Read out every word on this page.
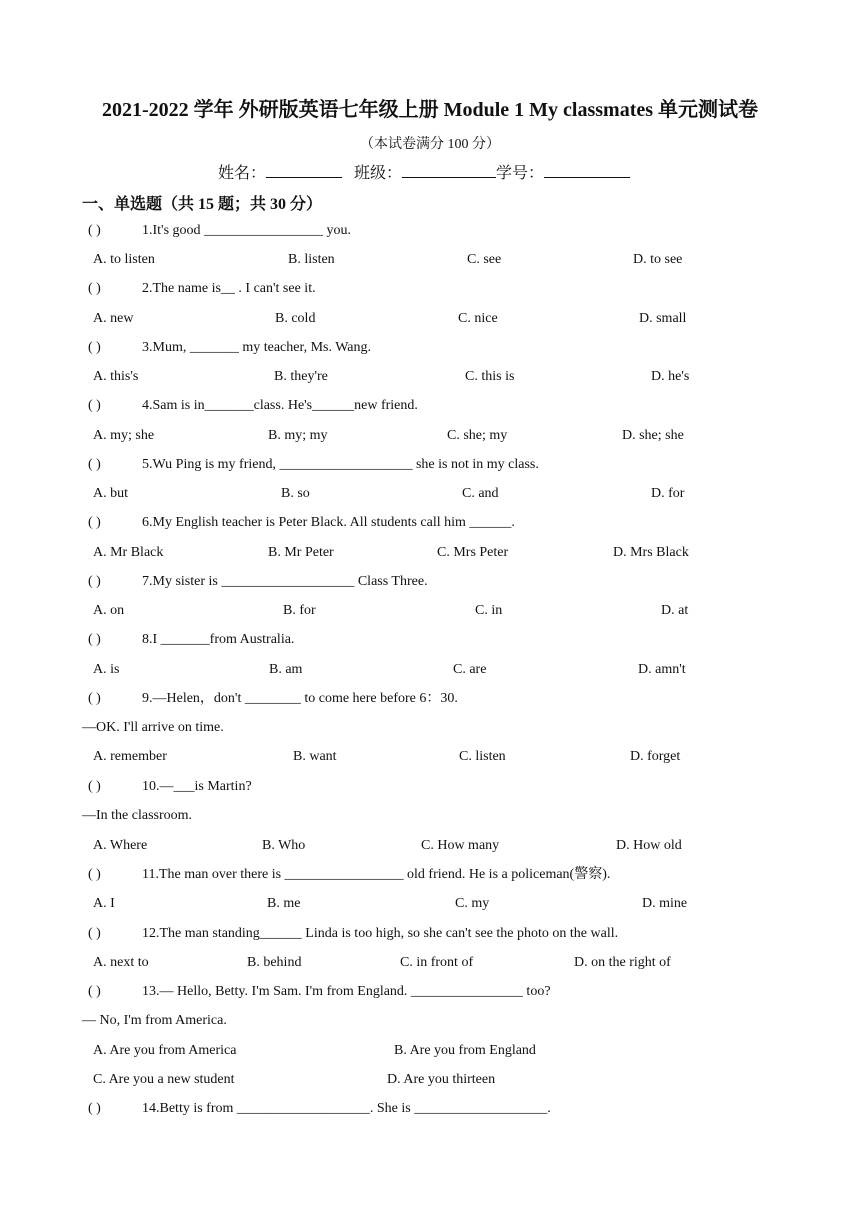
2021-2022 学年 外研版英语七年级上册 Module 1 My classmates 单元测试卷
（本试卷满分 100 分）
姓名：	班级：	学号：
一、单选题（共 15 题；共 30 分）
( )	1.It's good _________________ you.
A. to listen	B. listen	C. see	D. to see
( )	2.The name is__ . I can't see it.
A. new	B. cold	C. nice	D. small
( )	3.Mum, _______ my teacher, Ms. Wang.
A. this's	B. they're	C. this is	D. he's
( )	4.Sam is in_______class. He's______new friend.
A. my; she	B. my; my	C. she; my	D. she; she
( )	5.Wu Ping is my friend, ___________________ she is not in my class.
A. but	B. so	C. and	D. for
( )	6.My English teacher is Peter Black. All students call him ______.
A. Mr Black	B. Mr Peter	C. Mrs Peter	D. Mrs Black
( )	7.My sister is ___________________ Class Three.
A. on	B. for	C. in	D. at
( )	8.I _______from Australia.
A. is	B. am	C. are	D. amn't
( )	9.—Helen，don't ________ to come here before 6：30.
—OK. I'll arrive on time.
A. remember	B. want	C. listen	D. forget
( )	10.—___is Martin?
—In the classroom.
A. Where	B. Who	C. How many	D. How old
( )	11.The man over there is _________________ old friend. He is a policeman(警察).
A. I	B. me	C. my	D. mine
( )	12.The man standing______ Linda is too high, so she can't see the photo on the wall.
A. next to	B. behind	C. in front of	D. on the right of
( )	13.— Hello, Betty. I'm Sam. I'm from England. ________________ too?
— No, I'm from America.
A. Are you from America	B. Are you from England
C. Are you a new student	D. Are you thirteen
( )	14.Betty is from ___________________. She is ___________________.
